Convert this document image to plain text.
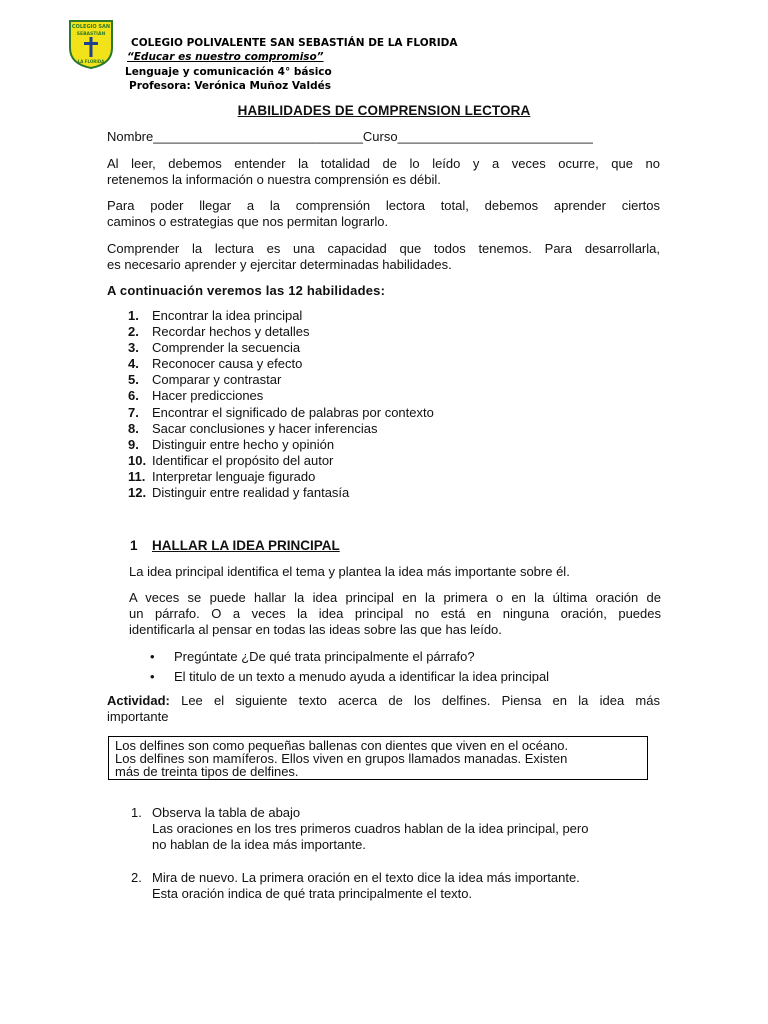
COLEGIO SAN
SEBASTIÁN
LA FLORIDA
COLEGIO POLIVALENTE SAN SEBASTIÁN DE LA FLORIDA
“Educar es nuestro compromiso”
Lenguaje y comunicación 4° básico
Profesora: Verónica Muñoz Valdés
HABILIDADES DE COMPRENSION LECTORA
Nombre_____________________________Curso___________________________
Al leer, debemos entender la totalidad de lo leído y a veces ocurre, que no
retenemos la información o nuestra comprensión es débil.
Para poder llegar a la comprensión lectora total, debemos aprender ciertos
caminos o estrategias que nos permitan lograrlo.
Comprender la lectura es una capacidad que todos tenemos. Para desarrollarla,
es necesario aprender y ejercitar determinadas habilidades.
A continuación veremos las 12 habilidades:
1. Encontrar la idea principal
2. Recordar hechos y detalles
3. Comprender la secuencia
4. Reconocer causa y efecto
5. Comparar y contrastar
6. Hacer predicciones
7. Encontrar el significado de palabras por contexto
8. Sacar conclusiones y hacer inferencias
9. Distinguir entre hecho y opinión
10. Identificar el propósito del autor
11. Interpretar lenguaje figurado
12. Distinguir entre realidad y fantasía
1 HALLAR LA IDEA PRINCIPAL
La idea principal identifica el tema y plantea la idea más importante sobre él.
A veces se puede hallar la idea principal en la primera o en la última oración de
un párrafo. O a veces la idea principal no está en ninguna oración, puedes
identificarla al pensar en todas las ideas sobre las que has leído.
• Pregúntate ¿De qué trata principalmente el párrafo?
• El titulo de un texto a menudo ayuda a identificar la idea principal
Actividad: Lee el siguiente texto acerca de los delfines. Piensa en la idea más
importante
Los delfines son como pequeñas ballenas con dientes que viven en el océano.
Los delfines son mamíferos. Ellos viven en grupos llamados manadas. Existen
más de treinta tipos de delfines.
1. Observa la tabla de abajo
Las oraciones en los tres primeros cuadros hablan de la idea principal, pero
no hablan de la idea más importante.
2. Mira de nuevo. La primera oración en el texto dice la idea más importante.
Esta oración indica de qué trata principalmente el texto.
